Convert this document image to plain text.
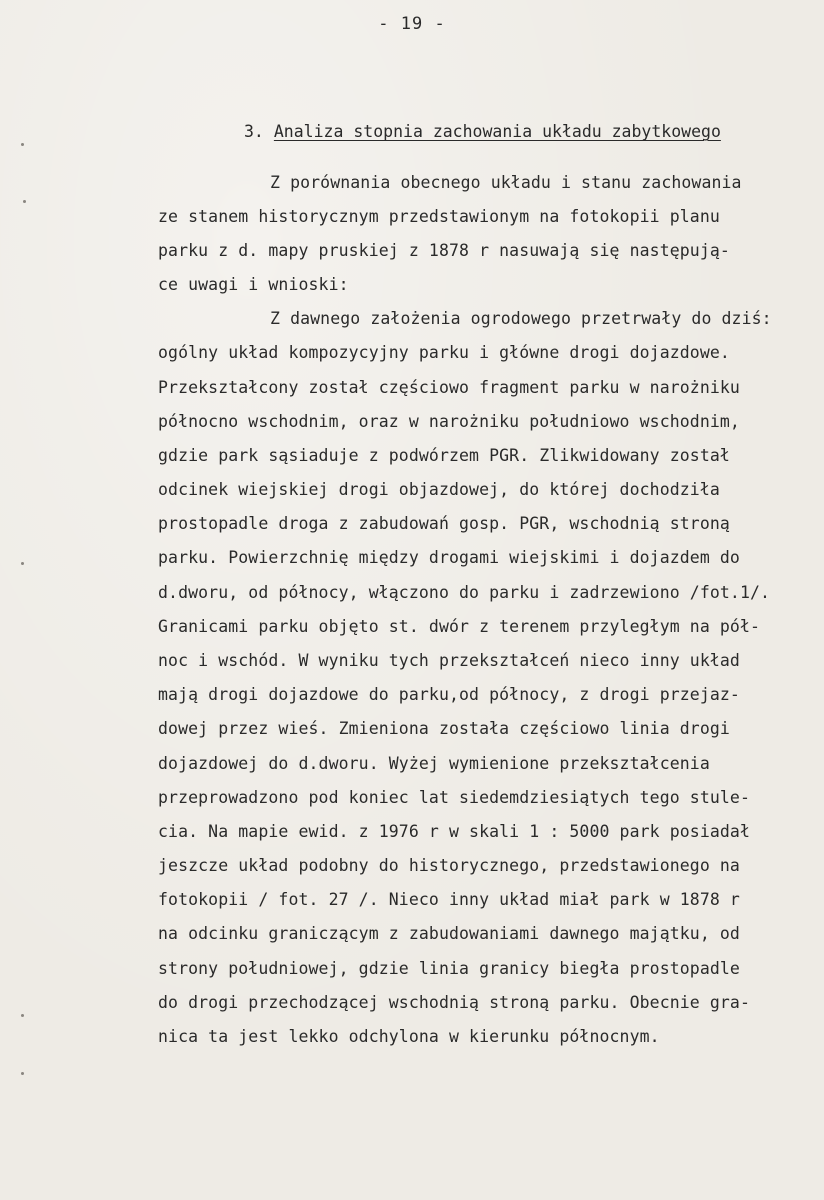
- 19 -
3. Analiza stopnia zachowania układu zabytkowego
Z porównania obecnego układu i stanu zachowania
ze stanem historycznym przedstawionym na fotokopii planu
parku z d. mapy pruskiej z 1878 r nasuwają się następują-
ce uwagi i wnioski:
Z dawnego założenia ogrodowego przetrwały do dziś:
ogólny układ kompozycyjny parku i główne drogi dojazdowe.
Przekształcony został częściowo fragment parku w narożniku
północno wschodnim, oraz w narożniku południowo wschodnim,
gdzie park sąsiaduje z podwórzem PGR. Zlikwidowany został
odcinek wiejskiej drogi objazdowej, do której dochodziła
prostopadle droga z zabudowań gosp. PGR, wschodnią stroną
parku. Powierzchnię między drogami wiejskimi i dojazdem do
d.dworu, od północy, włączono do parku i zadrzewiono /fot.1/.
Granicami parku objęto st. dwór z terenem przyległym na pół-
noc i wschód. W wyniku tych przekształceń nieco inny układ
mają drogi dojazdowe do parku,od północy, z drogi przejaz-
dowej przez wieś. Zmieniona została częściowo linia drogi
dojazdowej do d.dworu. Wyżej wymienione przekształcenia
przeprowadzono pod koniec lat siedemdziesiątych tego stule-
cia. Na mapie ewid. z 1976 r w skali 1 : 5000 park posiadał
jeszcze układ podobny do historycznego, przedstawionego na
fotokopii / fot. 27 /. Nieco inny układ miał park w 1878 r
na odcinku graniczącym z zabudowaniami dawnego majątku, od
strony południowej, gdzie linia granicy biegła prostopadle
do drogi przechodzącej wschodnią stroną parku. Obecnie gra-
nica ta jest lekko odchylona w kierunku północnym.
